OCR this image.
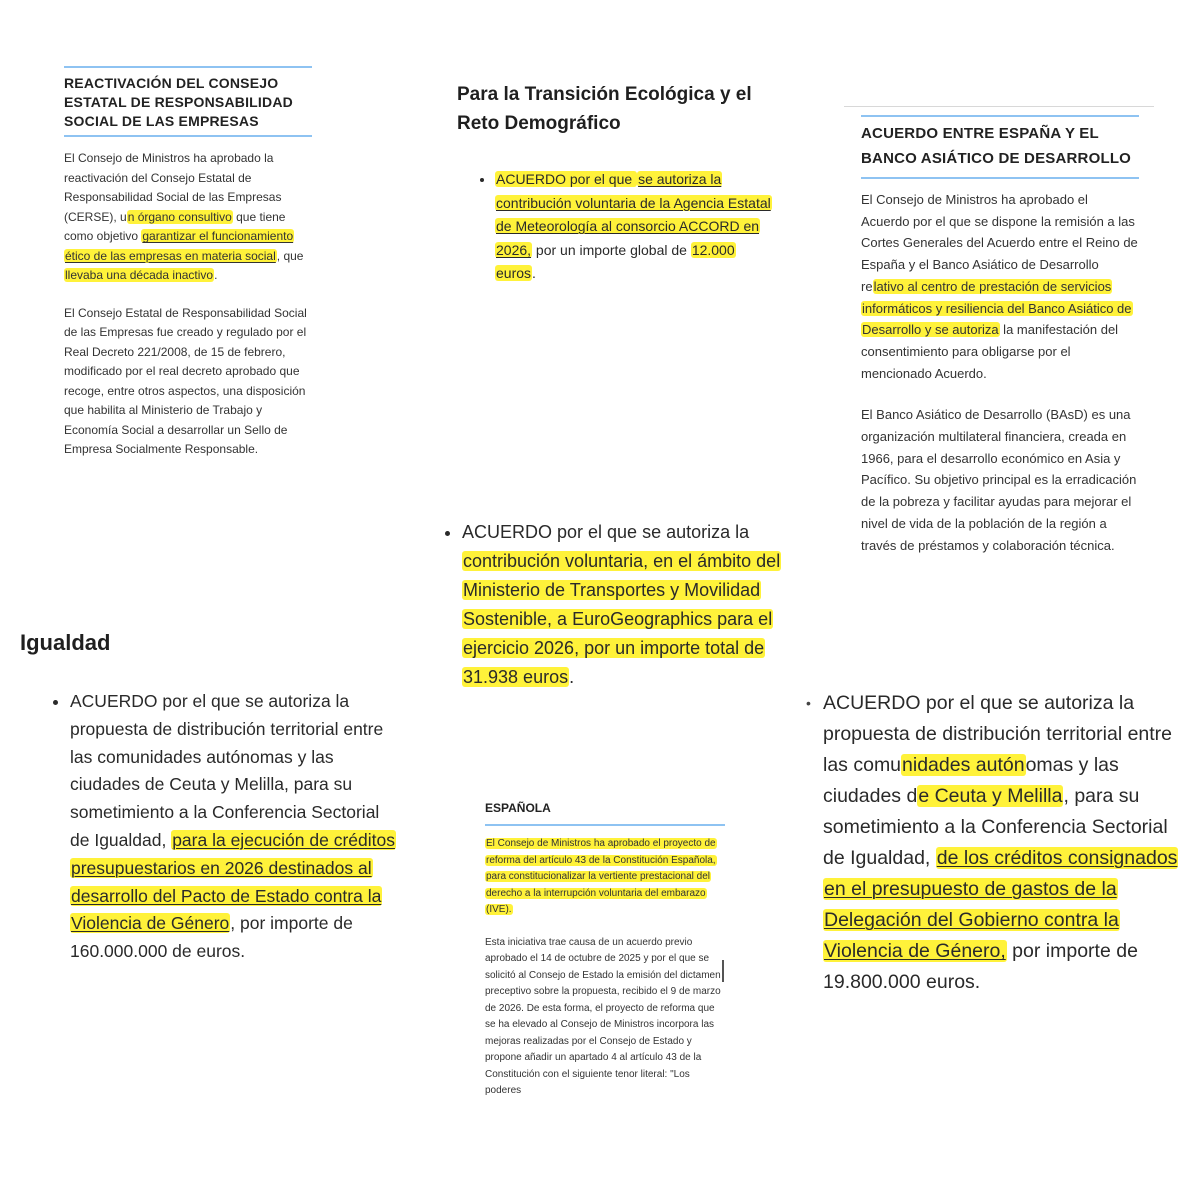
REACTIVACIÓN DEL CONSEJO ESTATAL DE RESPONSABILIDAD SOCIAL DE LAS EMPRESAS

El Consejo de Ministros ha aprobado la reactivación del Consejo Estatal de Responsabilidad Social de las Empresas (CERSE), un órgano consultivo que tiene como objetivo garantizar el funcionamiento ético de las empresas en materia social, que llevaba una década inactivo.

El Consejo Estatal de Responsabilidad Social de las Empresas fue creado y regulado por el Real Decreto 221/2008, de 15 de febrero, modificado por el real decreto aprobado que recoge, entre otros aspectos, una disposición que habilita al Ministerio de Trabajo y Economía Social a desarrollar un Sello de Empresa Socialmente Responsable.

Para la Transición Ecológica y el Reto Demográfico
• ACUERDO por el que se autoriza la contribución voluntaria de la Agencia Estatal de Meteorología al consorcio ACCORD en 2026, por un importe global de 12.000 euros.
ACUERDO ENTRE ESPAÑA Y EL BANCO ASIÁTICO DE DESARROLLO

El Consejo de Ministros ha aprobado el Acuerdo por el que se dispone la remisión a las Cortes Generales del Acuerdo entre el Reino de España y el Banco Asiático de Desarrollo relativo al centro de prestación de servicios informáticos y resiliencia del Banco Asiático de Desarrollo y se autoriza la manifestación del consentimiento para obligarse por el mencionado Acuerdo.

El Banco Asiático de Desarrollo (BAsD) es una organización multilateral financiera, creada en 1966, para el desarrollo económico en Asia y Pacífico. Su objetivo principal es la erradicación de la pobreza y facilitar ayudas para mejorar el nivel de vida de la población de la región a través de préstamos y colaboración técnica.

• ACUERDO por el que se autoriza la contribución voluntaria, en el ámbito del Ministerio de Transportes y Movilidad Sostenible, a EuroGeographics para el ejercicio 2026, por un importe total de 31.938 euros.
Igualdad
• ACUERDO por el que se autoriza la propuesta de distribución territorial entre las comunidades autónomas y las ciudades de Ceuta y Melilla, para su sometimiento a la Conferencia Sectorial de Igualdad, para la ejecución de créditos presupuestarios en 2026 destinados al desarrollo del Pacto de Estado contra la Violencia de Género, por importe de 160.000.000 de euros.
• ACUERDO por el que se autoriza la propuesta de distribución territorial entre las comunidades autónomas y las ciudades de Ceuta y Melilla, para su sometimiento a la Conferencia Sectorial de Igualdad, de los créditos consignados en el presupuesto de gastos de la Delegación del Gobierno contra la Violencia de Género, por importe de 19.800.000 euros.
ESPAÑOLA

El Consejo de Ministros ha aprobado el proyecto de reforma del artículo 43 de la Constitución Española, para constitucionalizar la vertiente prestacional del derecho a la interrupción voluntaria del embarazo (IVE).

Esta iniciativa trae causa de un acuerdo previo aprobado el 14 de octubre de 2025 y por el que se solicitó al Consejo de Estado la emisión del dictamen preceptivo sobre la propuesta, recibido el 9 de marzo de 2026. De esta forma, el proyecto de reforma que se ha elevado al Consejo de Ministros incorpora las mejoras realizadas por el Consejo de Estado y propone añadir un apartado 4 al artículo 43 de la Constitución con el siguiente tenor literal: "Los poderes
